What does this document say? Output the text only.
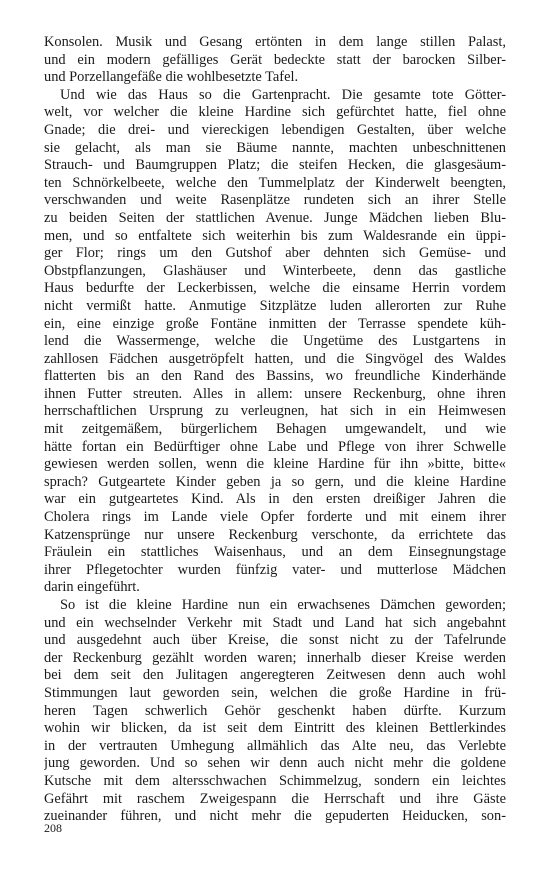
Konsolen. Musik und Gesang ertönten in dem lange stillen Palast,
und ein modern gefälliges Gerät bedeckte statt der barocken Silber-
und Porzellangefäße die wohlbesetzte Tafel.
Und wie das Haus so die Gartenpracht. Die gesamte tote Götter-
welt, vor welcher die kleine Hardine sich gefürchtet hatte, fiel ohne
Gnade; die drei- und viereckigen lebendigen Gestalten, über welche
sie gelacht, als man sie Bäume nannte, machten unbeschnittenen
Strauch- und Baumgruppen Platz; die steifen Hecken, die glasgesäum-
ten Schnörkelbeete, welche den Tummelplatz der Kinderwelt beengten,
verschwanden und weite Rasenplätze rundeten sich an ihrer Stelle
zu beiden Seiten der stattlichen Avenue. Junge Mädchen lieben Blu-
men, und so entfaltete sich weiterhin bis zum Waldesrande ein üppi-
ger Flor; rings um den Gutshof aber dehnten sich Gemüse- und
Obstpflanzungen, Glashäuser und Winterbeete, denn das gastliche
Haus bedurfte der Leckerbissen, welche die einsame Herrin vordem
nicht vermißt hatte. Anmutige Sitzplätze luden allerorten zur Ruhe
ein, eine einzige große Fontäne inmitten der Terrasse spendete küh-
lend die Wassermenge, welche die Ungetüme des Lustgartens in
zahllosen Fädchen ausgetröpfelt hatten, und die Singvögel des Waldes
flatterten bis an den Rand des Bassins, wo freundliche Kinderhände
ihnen Futter streuten. Alles in allem: unsere Reckenburg, ohne ihren
herrschaftlichen Ursprung zu verleugnen, hat sich in ein Heimwesen
mit zeitgemäßem, bürgerlichem Behagen umgewandelt, und wie
hätte fortan ein Bedürftiger ohne Labe und Pflege von ihrer Schwelle
gewiesen werden sollen, wenn die kleine Hardine für ihn »bitte, bitte«
sprach? Gutgeartete Kinder geben ja so gern, und die kleine Hardine
war ein gutgeartetes Kind. Als in den ersten dreißiger Jahren die
Cholera rings im Lande viele Opfer forderte und mit einem ihrer
Katzensprünge nur unsere Reckenburg verschonte, da errichtete das
Fräulein ein stattliches Waisenhaus, und an dem Einsegnungstage
ihrer Pflegetochter wurden fünfzig vater- und mutterlose Mädchen
darin eingeführt.
So ist die kleine Hardine nun ein erwachsenes Dämchen geworden;
und ein wechselnder Verkehr mit Stadt und Land hat sich angebahnt
und ausgedehnt auch über Kreise, die sonst nicht zu der Tafelrunde
der Reckenburg gezählt worden waren; innerhalb dieser Kreise werden
bei dem seit den Julitagen angeregteren Zeitwesen denn auch wohl
Stimmungen laut geworden sein, welchen die große Hardine in frü-
heren Tagen schwerlich Gehör geschenkt haben dürfte. Kurzum
wohin wir blicken, da ist seit dem Eintritt des kleinen Bettlerkindes
in der vertrauten Umhegung allmählich das Alte neu, das Verlebte
jung geworden. Und so sehen wir denn auch nicht mehr die goldene
Kutsche mit dem altersschwachen Schimmelzug, sondern ein leichtes
Gefährt mit raschem Zweigespann die Herrschaft und ihre Gäste
zueinander führen, und nicht mehr die gepuderten Heiducken, son-
208
